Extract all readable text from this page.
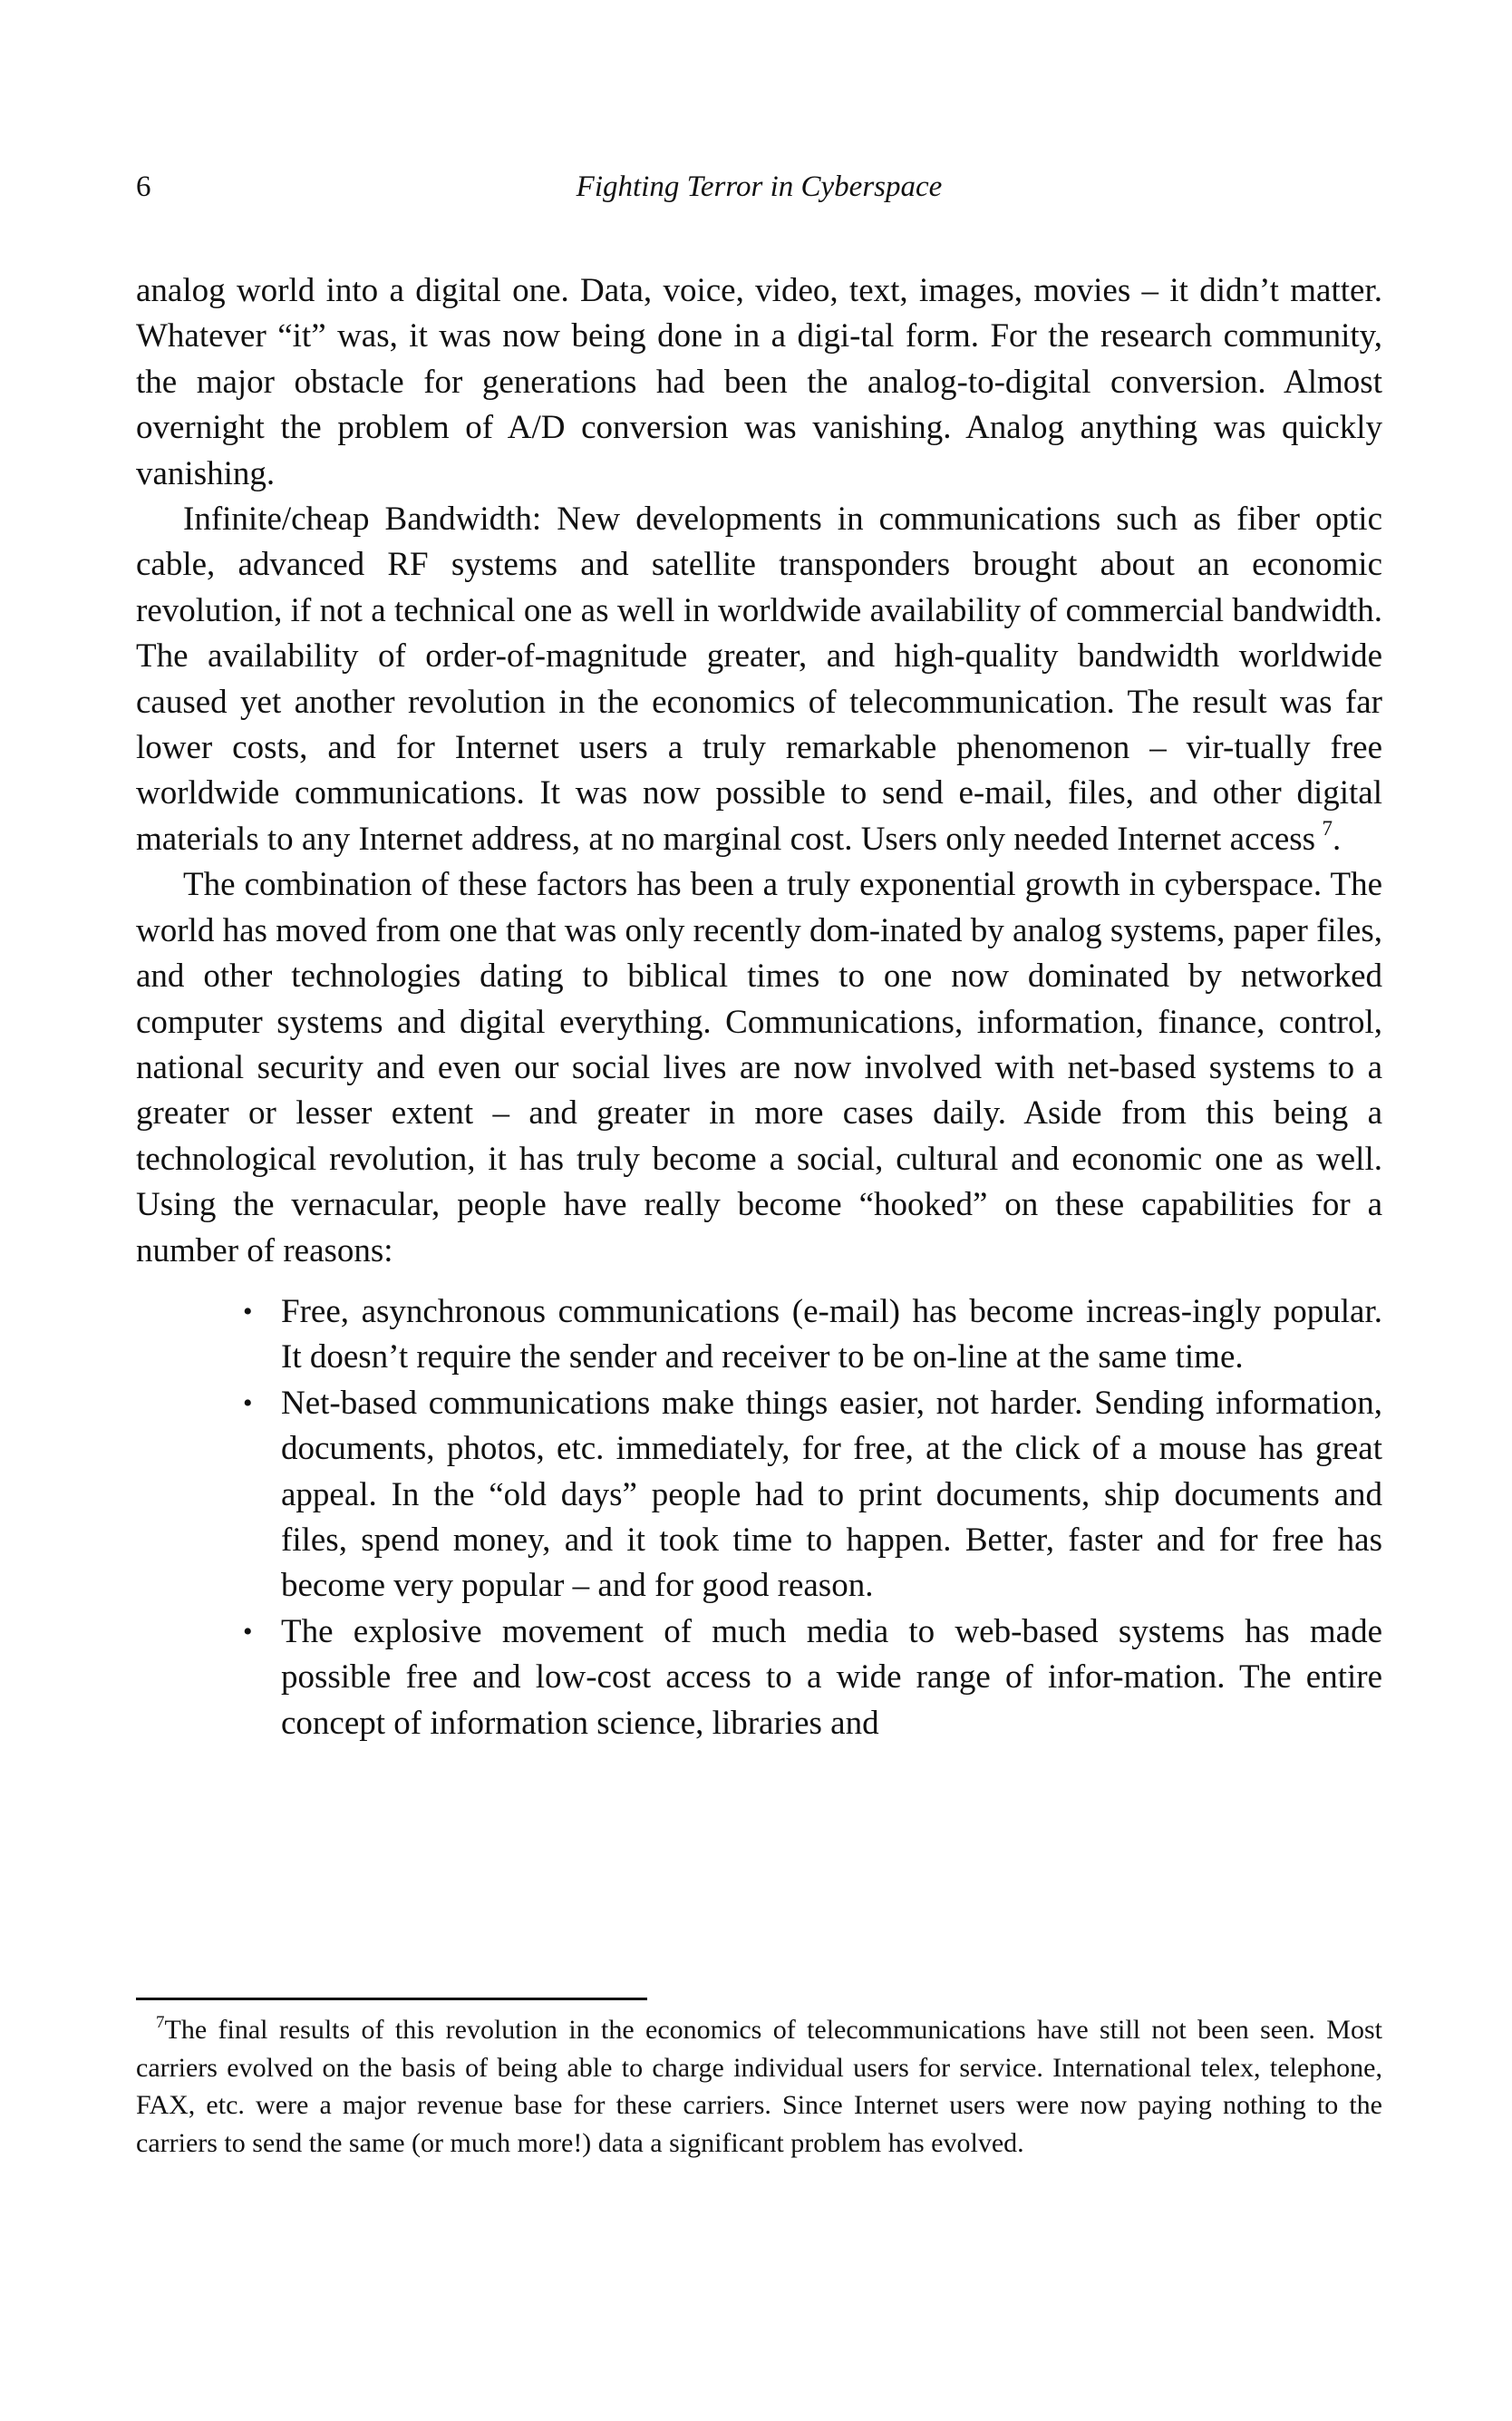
6	Fighting Terror in Cyberspace

analog world into a digital one. Data, voice, video, text, images, movies – it didn’t matter. Whatever “it” was, it was now being done in a digi-tal form. For the research community, the major obstacle for generations had been the analog-to-digital conversion. Almost overnight the problem of A/D conversion was vanishing. Analog anything was quickly vanishing.

Infinite/cheap Bandwidth: New developments in communications such as fiber optic cable, advanced RF systems and satellite transponders brought about an economic revolution, if not a technical one as well in worldwide availability of commercial bandwidth. The availability of order-of-magnitude greater, and high-quality bandwidth worldwide caused yet another revolution in the economics of telecommunication. The result was far lower costs, and for Internet users a truly remarkable phenomenon – vir-tually free worldwide communications. It was now possible to send e-mail, files, and other digital materials to any Internet address, at no marginal cost. Users only needed Internet access  $^7$.

The combination of these factors has been a truly exponential growth in cyberspace. The world has moved from one that was only recently dom-inated by analog systems, paper files, and other technologies dating to biblical times to one now dominated by networked computer systems and digital everything. Communications, information, finance, control, national security and even our social lives are now involved with net-based systems to a greater or lesser extent – and greater in more cases daily. Aside from this being a technological revolution, it has truly become a social, cultural and economic one as well. Using the vernacular, people have really become “hooked” on these capabilities for a number of reasons:

• Free, asynchronous communications (e-mail) has become increas-ingly popular. It doesn’t require the sender and receiver to be on-line at the same time.
• Net-based communications make things easier, not harder. Sending information, documents, photos, etc. immediately, for free, at the click of a mouse has great appeal. In the “old days” people had to print documents, ship documents and files, spend money, and it took time to happen. Better, faster and for free has become very popular – and for good reason.
• The explosive movement of much media to web-based systems has made possible free and low-cost access to a wide range of infor-mation. The entire concept of information science, libraries and

$^7$The final results of this revolution in the economics of telecommunications have still not been seen. Most carriers evolved on the basis of being able to charge individual users for service. International telex, telephone, FAX, etc. were a major revenue base for these carriers. Since Internet users were now paying nothing to the carriers to send the same (or much more!) data a significant problem has evolved.
